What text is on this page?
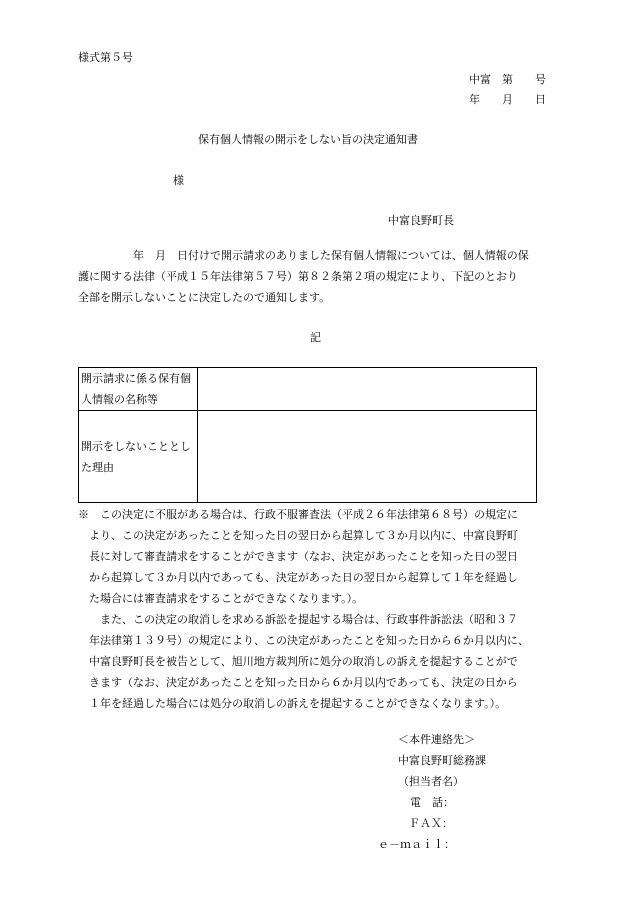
様式第５号
中富　第　　号
年　　月　　日
保有個人情報の開示をしない旨の決定通知書
様
中富良野町長
　　　　　年　月　日付けで開示請求のありました保有個人情報については、個人情報の保
護に関する法律（平成１５年法律第５７号）第８２条第２項の規定により、下記のとおり
全部を開示しないことに決定したので通知します。
記
開示請求に係る保有個
人情報の名称等	

開示をしないこととし
た理由	

※　この決定に不服がある場合は、行政不服審査法（平成２６年法律第６８号）の規定に
　より、この決定があったことを知った日の翌日から起算して３か月以内に、中富良野町
　長に対して審査請求をすることができます（なお、決定があったことを知った日の翌日
　から起算して３か月以内であっても、決定があった日の翌日から起算して１年を経過し
　た場合には審査請求をすることができなくなります。）。
　　また、この決定の取消しを求める訴訟を提起する場合は、行政事件訴訟法（昭和３７
　年法律第１３９号）の規定により、この決定があったことを知った日から６か月以内に、
　中富良野町長を被告として、旭川地方裁判所に処分の取消しの訴えを提起することがで
　きます（なお、決定があったことを知った日から６か月以内であっても、決定の日から
　１年を経過した場合には処分の取消しの訴えを提起することができなくなります。）。
＜本件連絡先＞
中富良野町総務課
（担当者名）
電　話：
ＦＡＸ：
ｅ－ｍａｉｌ：
